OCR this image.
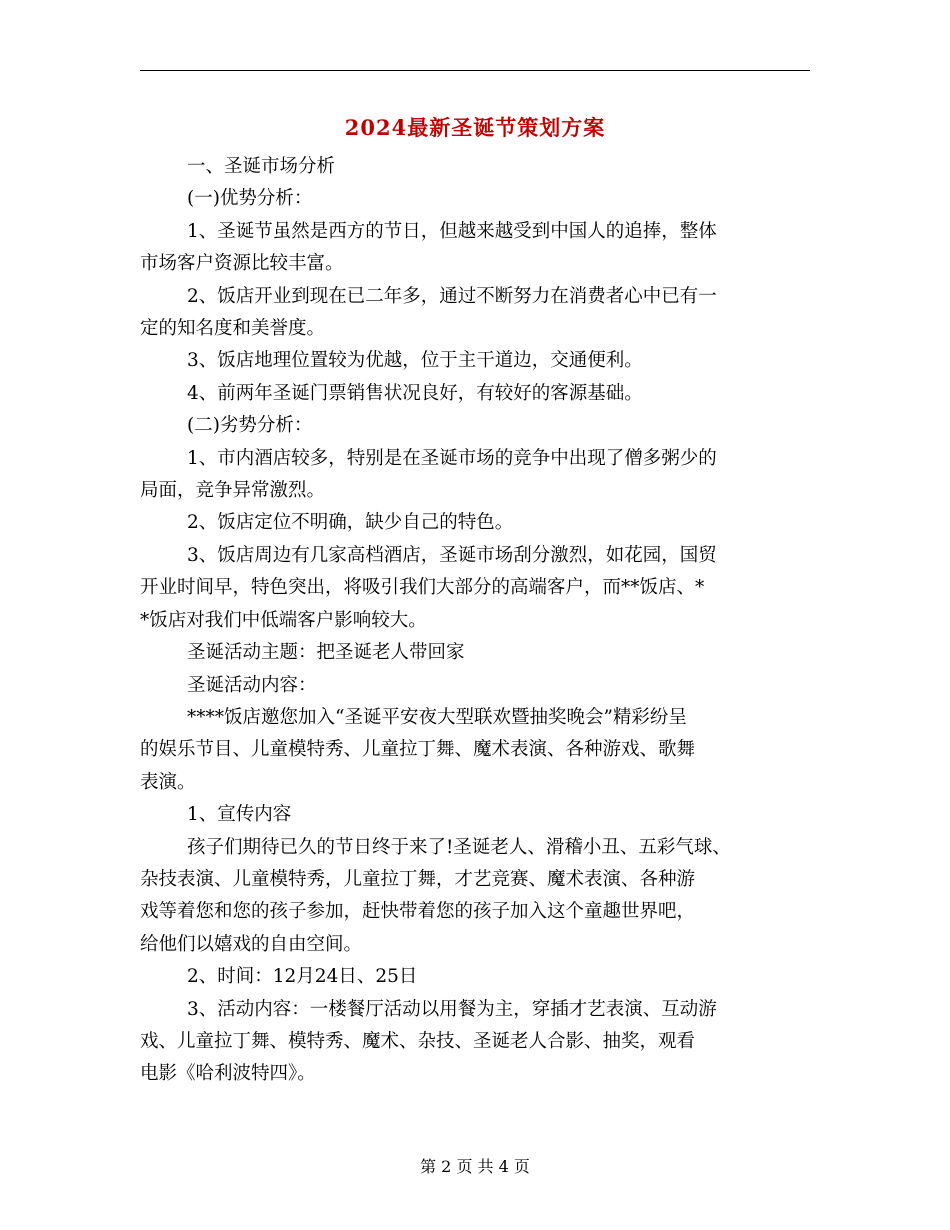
2024最新圣诞节策划方案

一、圣诞市场分析

(一)优势分析：

1、圣诞节虽然是西方的节日，但越来越受到中国人的追捧，整体

市场客户资源比较丰富。

2、饭店开业到现在已二年多，通过不断努力在消费者心中已有一

定的知名度和美誉度。

3、饭店地理位置较为优越，位于主干道边，交通便利。

4、前两年圣诞门票销售状况良好，有较好的客源基础。

(二)劣势分析：

1、市内酒店较多，特别是在圣诞市场的竞争中出现了僧多粥少的

局面，竞争异常激烈。

2、饭店定位不明确，缺少自己的特色。

3、饭店周边有几家高档酒店，圣诞市场刮分激烈，如花园，国贸

开业时间早，特色突出，将吸引我们大部分的高端客户，而**饭店、*

*饭店对我们中低端客户影响较大。

圣诞活动主题：把圣诞老人带回家

圣诞活动内容：

****饭店邀您加入“圣诞平安夜大型联欢暨抽奖晚会”精彩纷呈

的娱乐节目、儿童模特秀、儿童拉丁舞、魔术表演、各种游戏、歌舞

表演。

1、宣传内容

孩子们期待已久的节日终于来了!圣诞老人、滑稽小丑、五彩气球、

杂技表演、儿童模特秀，儿童拉丁舞，才艺竞赛、魔术表演、各种游

戏等着您和您的孩子参加，赶快带着您的孩子加入这个童趣世界吧，

给他们以嬉戏的自由空间。

2、时间：12月24日、25日

3、活动内容：一楼餐厅活动以用餐为主，穿插才艺表演、互动游

戏、儿童拉丁舞、模特秀、魔术、杂技、圣诞老人合影、抽奖，观看

电影《哈利波特四》。

第 2 页 共 4 页
